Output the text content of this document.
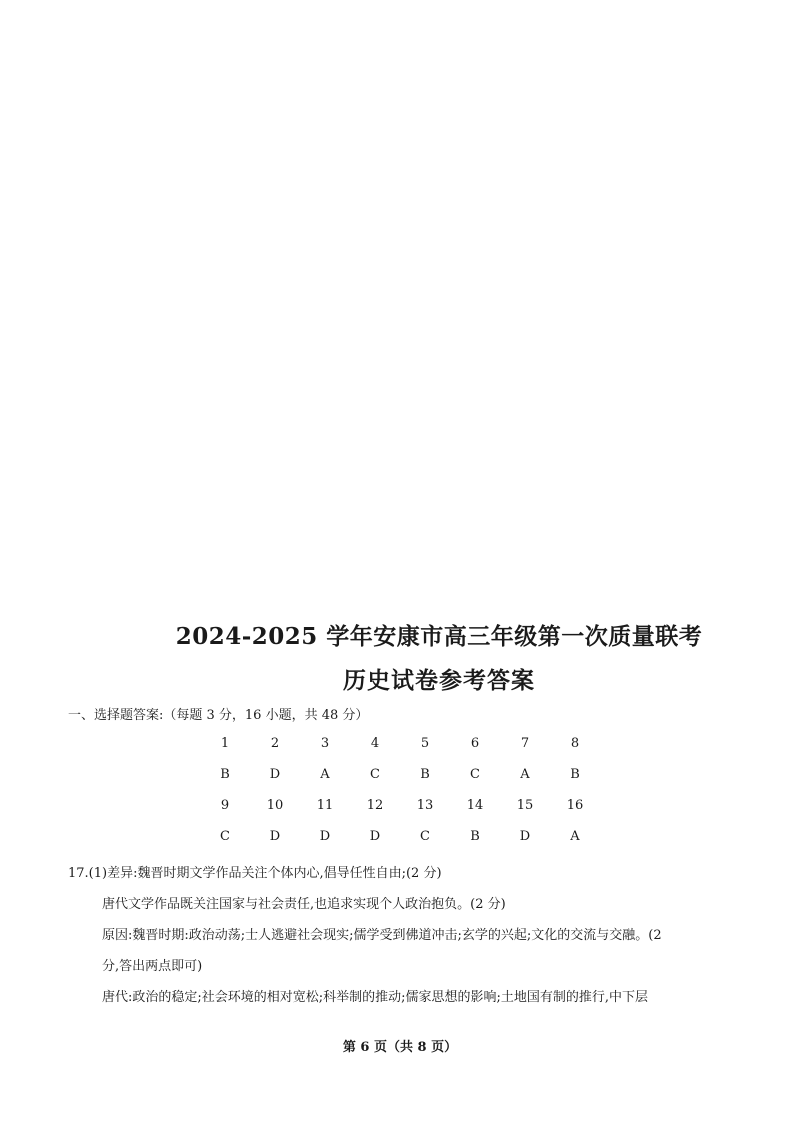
2024-2025 学年安康市高三年级第一次质量联考
历史试卷参考答案
一、选择题答案:（每题 3 分，16 小题，共 48 分）
1	2	3	4	5	6	7	8
B	D	A	C	B	C	A	B
9	10	11	12	13	14	15	16
C	D	D	D	C	B	D	A

17.(1)差异:魏晋时期文学作品关注个体内心,倡导任性自由;(2 分)

唐代文学作品既关注国家与社会责任,也追求实现个人政治抱负。(2 分)

原因:魏晋时期:政治动荡;士人逃避社会现实;儒学受到佛道冲击;玄学的兴起;文化的交流与交融。(2

分,答出两点即可)

唐代:政治的稳定;社会环境的相对宽松;科举制的推动;儒家思想的影响;土地国有制的推行,中下层

第 6 页（共 8 页）
